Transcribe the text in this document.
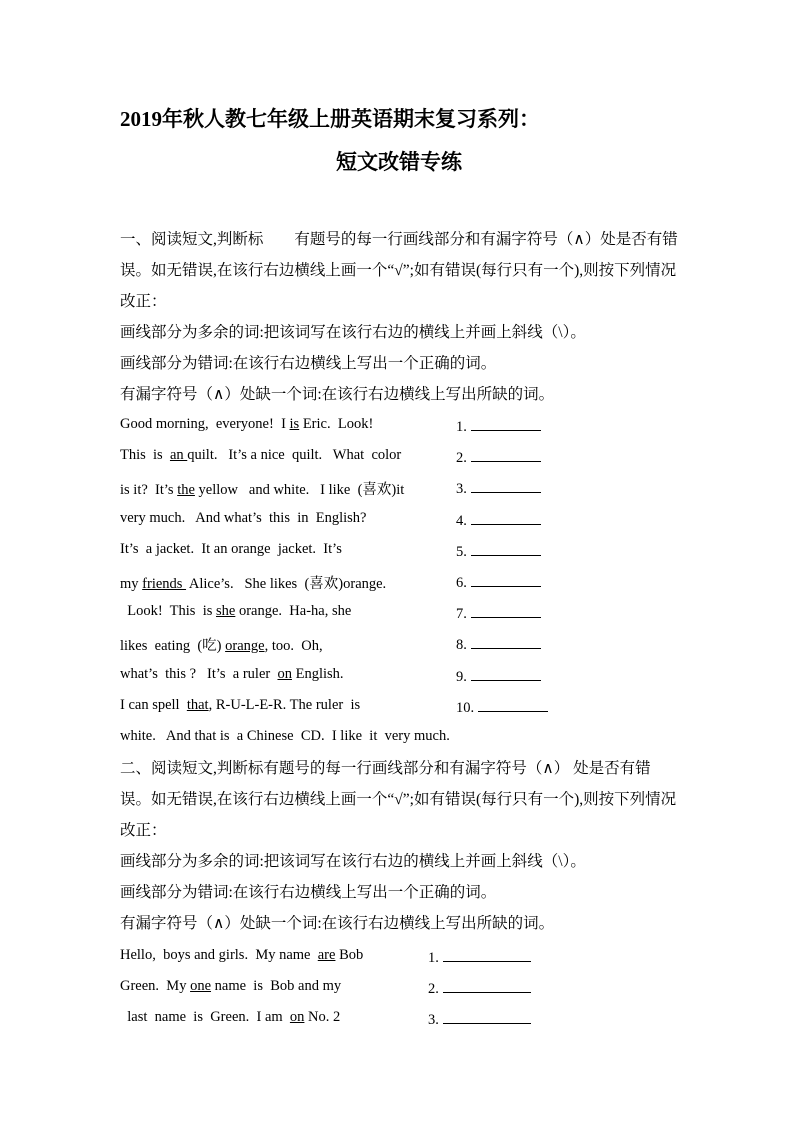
2019年秋人教七年级上册英语期末复习系列：
短文改错专练

一、阅读短文,判断标　　有题号的每一行画线部分和有漏字符号（∧）处是否有错误。如无错误,在该行右边横线上画一个“√”;如有错误(每行只有一个),则按下列情况改正：

画线部分为多余的词:把该词写在该行右边的横线上并画上斜线（\）。

画线部分为错词:在该行右边横线上写出一个正确的词。

有漏字符号（∧）处缺一个词:在该行右边横线上写出所缺的词。

Good morning,  everyone!  I is Eric.  Look!	1.
This  is  an quilt.   It’s a nice  quilt.   What  color	2.
is it?  It’s the yellow   and white.   I like  (喜欢)it	3.
very much.   And what’s  this  in  English?	4.
It’s  a jacket.  It an orange  jacket.  It’s	5.
my friends  Alice’s.   She likes  (喜欢)orange.	6.
Look!  This  is she orange.  Ha-ha, she	7.
likes  eating  (吃) orange, too.  Oh,	8.
what’s  this ?   It’s  a ruler  on English.	9.
I can spell  that, R-U-L-E-R. The ruler  is	10.
white.   And that is  a Chinese  CD.  I like  it  very much.

二、阅读短文,判断标有题号的每一行画线部分和有漏字符号（∧） 处是否有错误。如无错误,在该行右边横线上画一个“√”;如有错误(每行只有一个),则按下列情况改正：

画线部分为多余的词:把该词写在该行右边的横线上并画上斜线（\）。

画线部分为错词:在该行右边横线上写出一个正确的词。

有漏字符号（∧）处缺一个词:在该行右边横线上写出所缺的词。

Hello,  boys and girls.  My name  are Bob	1.
Green.  My one name  is  Bob and my	2.
last  name  is  Green.  I am  on No. 2	3.
